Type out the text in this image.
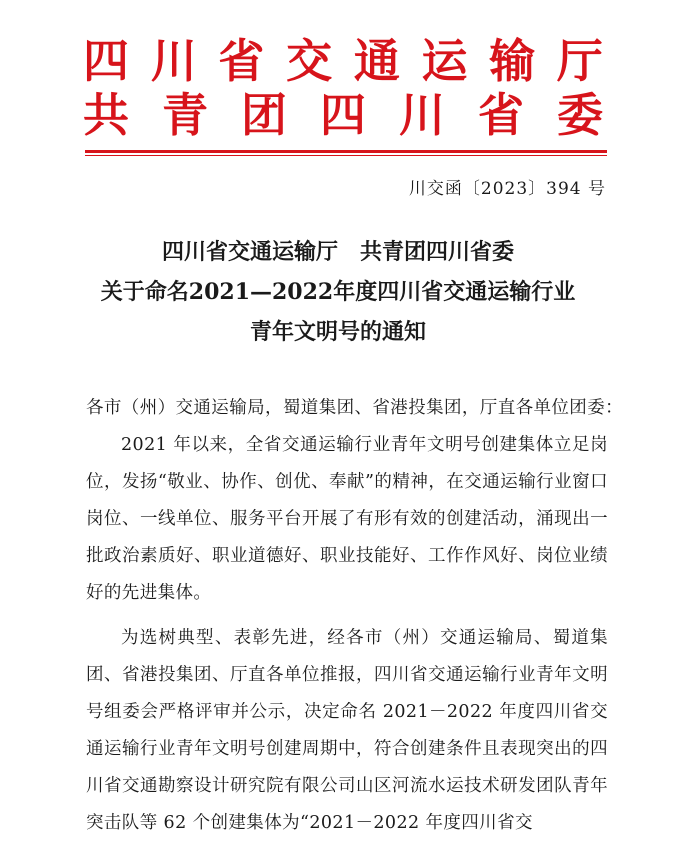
四 川 省 交 通 运 输 厅
共 青 团 四 川 省 委
川交函〔2023〕394 号
四川省交通运输厅　共青团四川省委
关于命名2021—2022年度四川省交通运输行业
青年文明号的通知

各市（州）交通运输局，蜀道集团、省港投集团，厅直各单位团委：

2021 年以来，全省交通运输行业青年文明号创建集体立足岗位，发扬“敬业、协作、创优、奉献”的精神，在交通运输行业窗口岗位、一线单位、服务平台开展了有形有效的创建活动，涌现出一批政治素质好、职业道德好、职业技能好、工作作风好、岗位业绩好的先进集体。

为选树典型、表彰先进，经各市（州）交通运输局、蜀道集团、省港投集团、厅直各单位推报，四川省交通运输行业青年文明号组委会严格评审并公示，决定命名 2021－2022 年度四川省交通运输行业青年文明号创建周期中，符合创建条件且表现突出的四川省交通勘察设计研究院有限公司山区河流水运技术研发团队青年突击队等 62 个创建集体为“2021－2022 年度四川省交
